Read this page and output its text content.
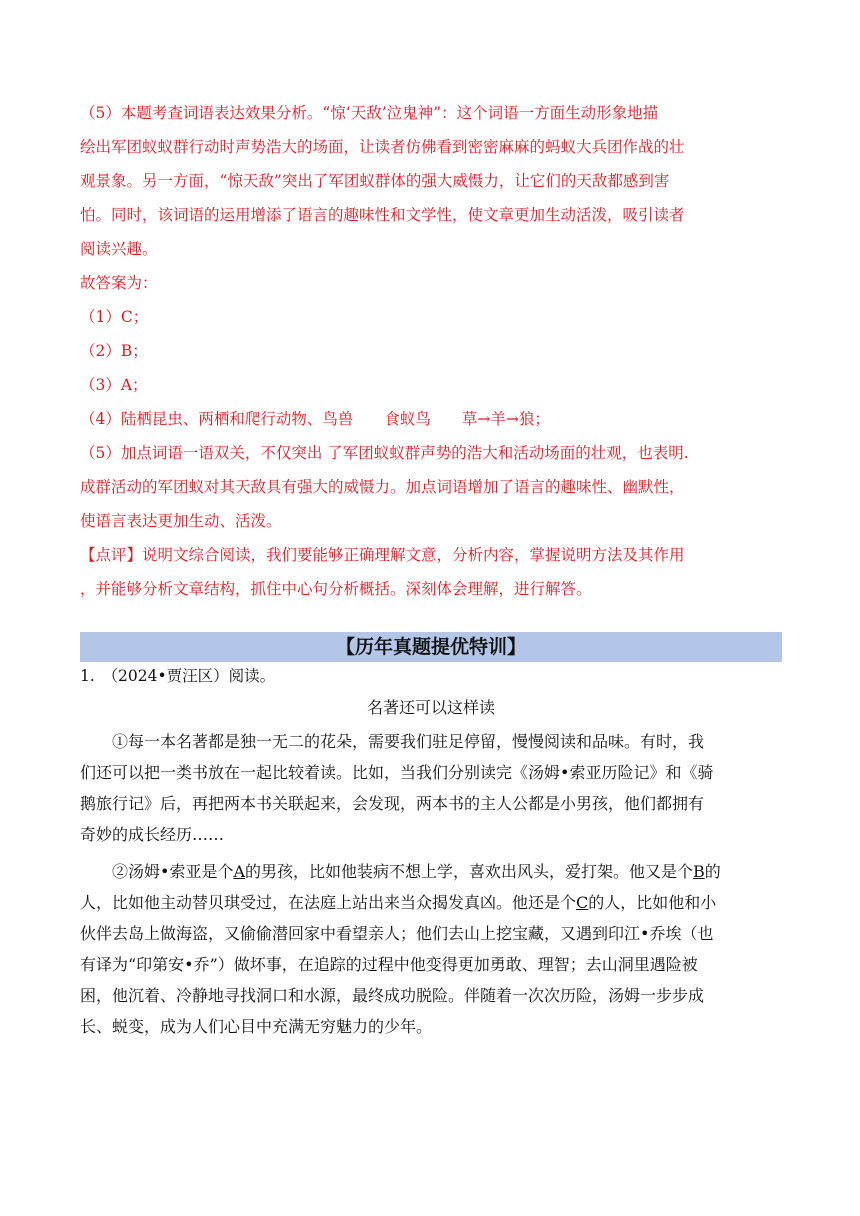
（5）本题考查词语表达效果分析。“惊‘天敌’泣鬼神”：这个词语一方面生动形象地描

绘出军团蚁蚁群行动时声势浩大的场面，让读者仿佛看到密密麻麻的蚂蚁大兵团作战的壮

观景象。另一方面，“惊天敌”突出了军团蚁群体的强大威慑力，让它们的天敌都感到害

怕。同时，该词语的运用增添了语言的趣味性和文学性，使文章更加生动活泼，吸引读者

阅读兴趣。

故答案为：

（1）C；

（2）B；

（3）A；

（4）陆栖昆虫、两栖和爬行动物、鸟兽　　食蚁鸟　　草→羊→狼；

（5）加点词语一语双关，不仅突出 了军团蚁蚁群声势的浩大和活动场面的壮观，也表明.

成群活动的军团蚁对其天敌具有强大的威慑力。加点词语增加了语言的趣味性、幽默性，

使语言表达更加生动、活泼。

【点评】说明文综合阅读，我们要能够正确理解文意，分析内容，掌握说明方法及其作用

，并能够分析文章结构，抓住中心句分析概括。深刻体会理解，进行解答。

【历年真题提优特训】
1.　（2024•贾汪区）阅读。
名著还可以这样读
①每一本名著都是独一无二的花朵，需要我们驻足停留，慢慢阅读和品味。有时，我
们还可以把一类书放在一起比较着读。比如，当我们分别读完《汤姆•索亚历险记》和《骑
鹅旅行记》后，再把两本书关联起来，会发现，两本书的主人公都是小男孩，他们都拥有
奇妙的成长经历……
②汤姆•索亚是个A的男孩，比如他装病不想上学，喜欢出风头，爱打架。他又是个B的
人，比如他主动替贝琪受过，在法庭上站出来当众揭发真凶。他还是个C的人，比如他和小
伙伴去岛上做海盗，又偷偷潜回家中看望亲人；他们去山上挖宝藏，又遇到印江•乔埃（也
有译为“印第安•乔”）做坏事，在追踪的过程中他变得更加勇敢、理智；去山洞里遇险被
困，他沉着、冷静地寻找洞口和水源，最终成功脱险。伴随着一次次历险，汤姆一步步成
长、蜕变，成为人们心目中充满无穷魅力的少年。
